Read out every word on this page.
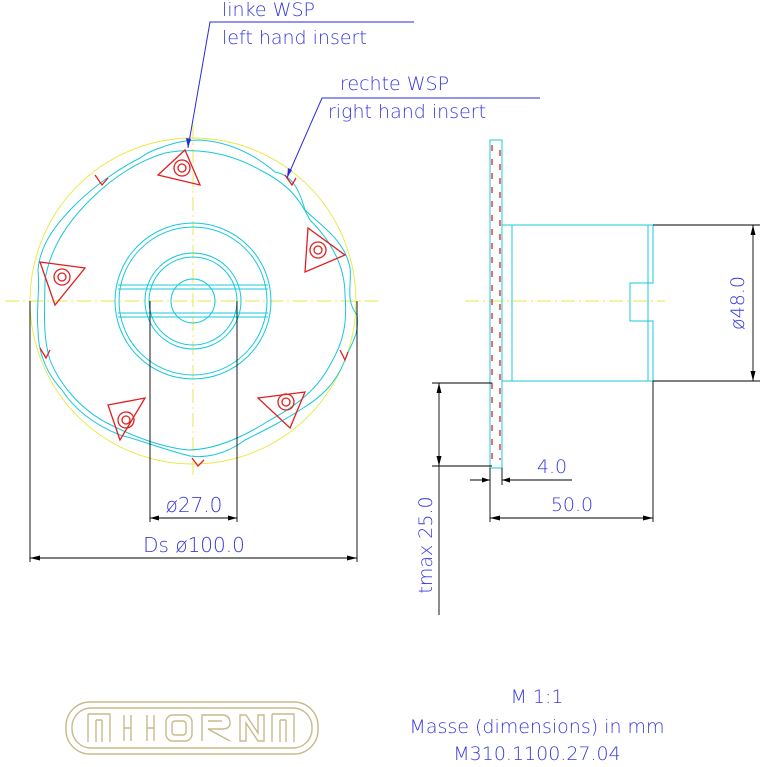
ø27.0
Ds ø100.0
linke WSP
left hand insert
rechte WSP
right hand insert
ø48.0
4.0
50.0
tmax 25.0
M 1:1
Masse (dimensions) in mm
M310.1100.27.04
